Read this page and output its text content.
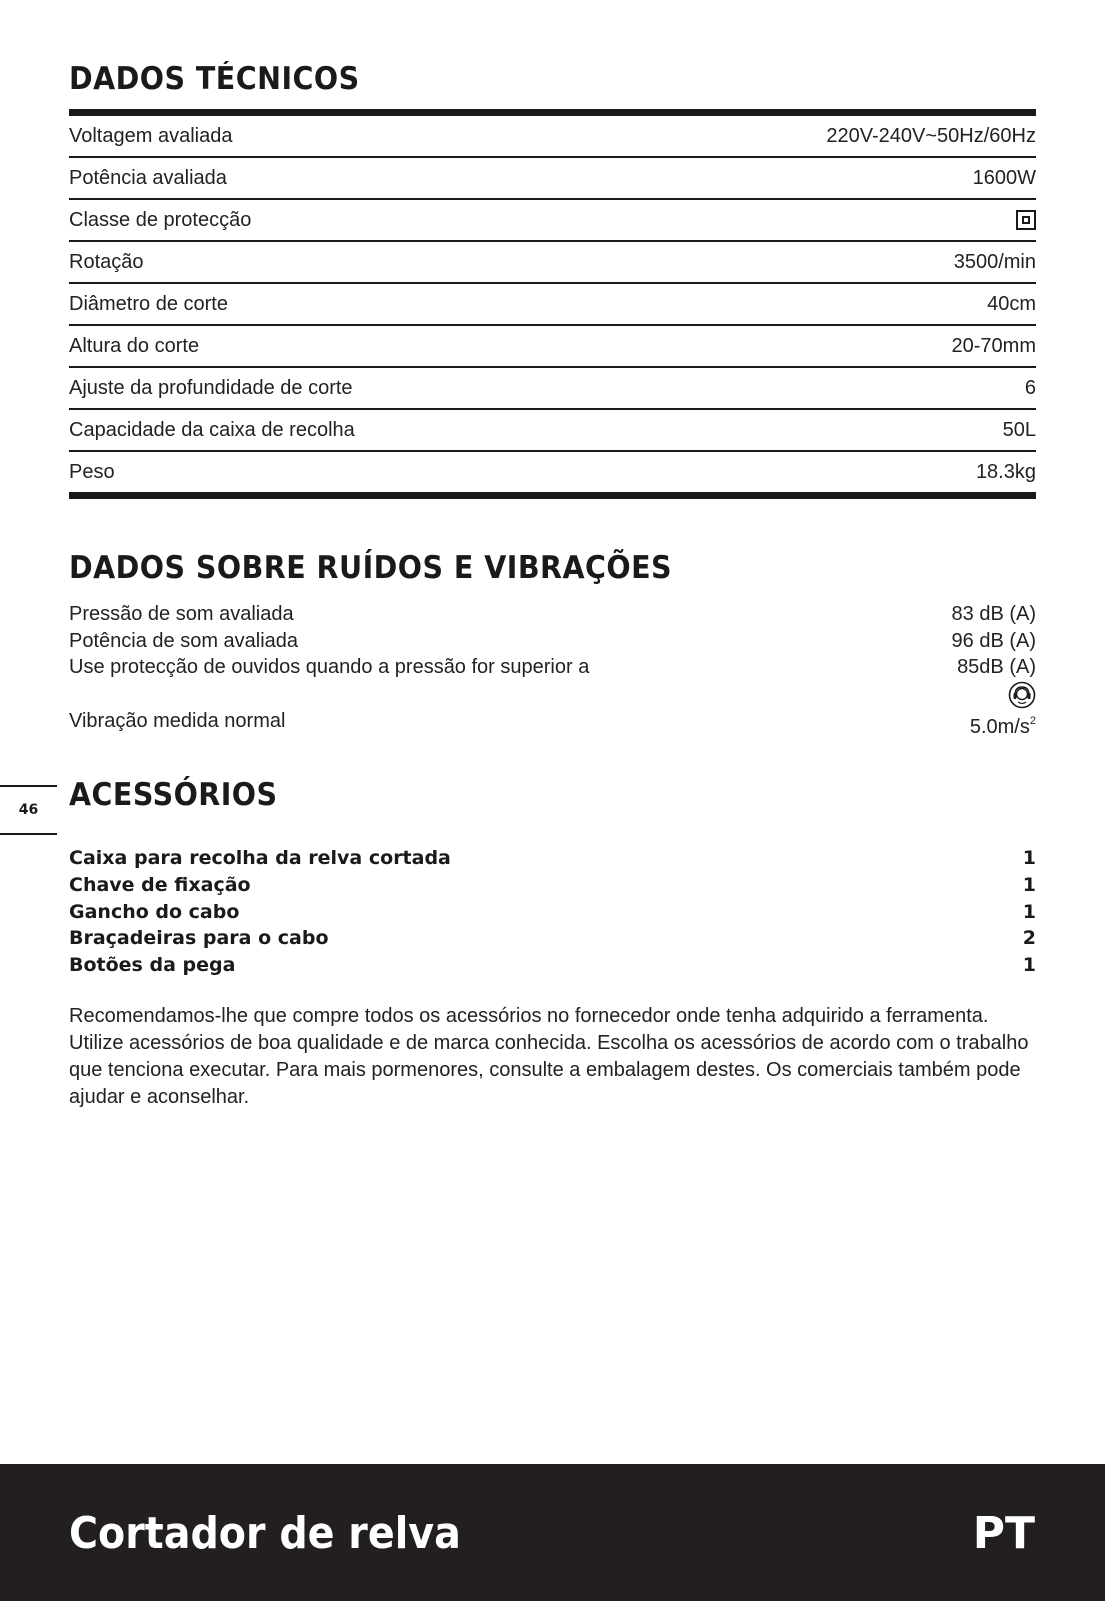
DADOS TÉCNICOS
Voltagem avaliada	220V-240V~50Hz/60Hz
Potência avaliada	1600W
Classe de protecção
Rotação	3500/min
Diâmetro de corte	40cm
Altura do corte	20-70mm
Ajuste da profundidade de corte	6
Capacidade da caixa de recolha	50L
Peso	18.3kg
DADOS SOBRE RUÍDOS E VIBRAÇÕES
Pressão de som avaliada	83 dB (A)
Potência de som avaliada	96 dB (A)
Use protecção de ouvidos quando a pressão for superior a	85dB (A)
Vibração medida normal	$5.0m/s^2$
46 ACESSÓRIOS
Caixa para recolha da relva cortada	1
Chave de fixação	1
Gancho do cabo	1
Braçadeiras para o cabo	2
Botões da pega	1

Recomendamos-lhe que compre todos os acessórios no fornecedor onde tenha adquirido a ferramenta. Utilize acessórios de boa qualidade e de marca conhecida. Escolha os acessórios de acordo com o trabalho que tenciona executar. Para mais pormenores, consulte a embalagem destes. Os comerciais também pode ajudar e aconselhar.

Cortador de relva	PT
